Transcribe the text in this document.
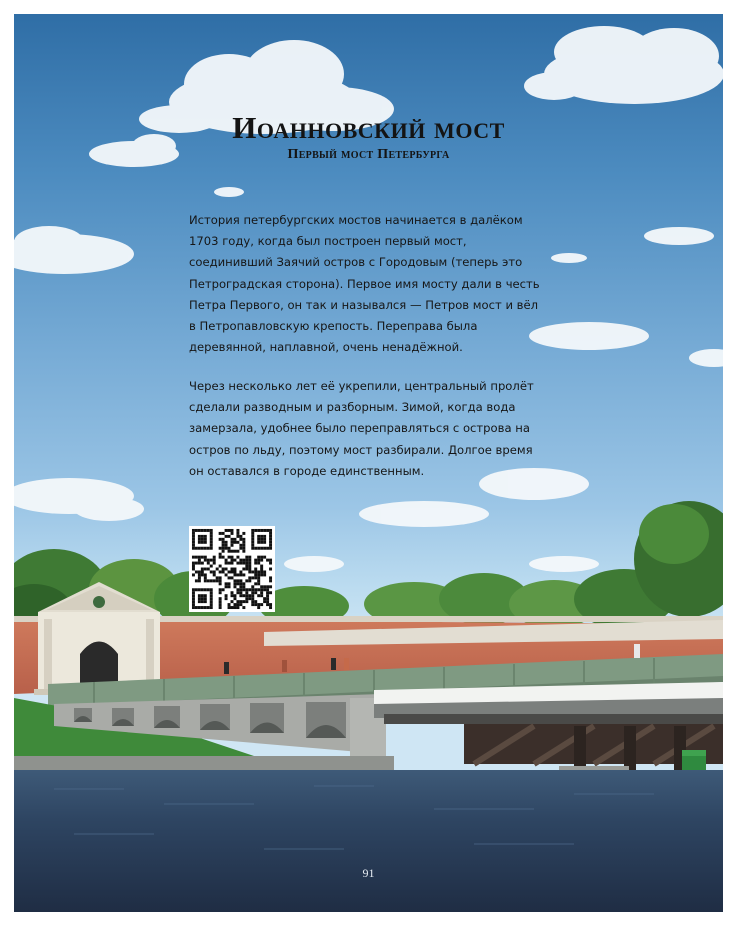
Иоанновский мост
Первый мост Петербурга

История петербургских мостов начинается в далёком 1703 году, когда был построен первый мост, соединивший Заячий остров с Городовым (теперь это Петроградская сторона). Первое имя мосту дали в честь Петра Первого, он так и назывался — Петров мост и вёл в Петропавловскую крепость. Переправа была деревянной, наплавной, очень ненадёжной.

Через несколько лет её укрепили, центральный пролёт сделали разводным и разборным. Зимой, когда вода замерзала, удобнее было переправляться с острова на остров по льду, поэтому мост разбирали. Долгое время он оставался в городе единственным.

91
